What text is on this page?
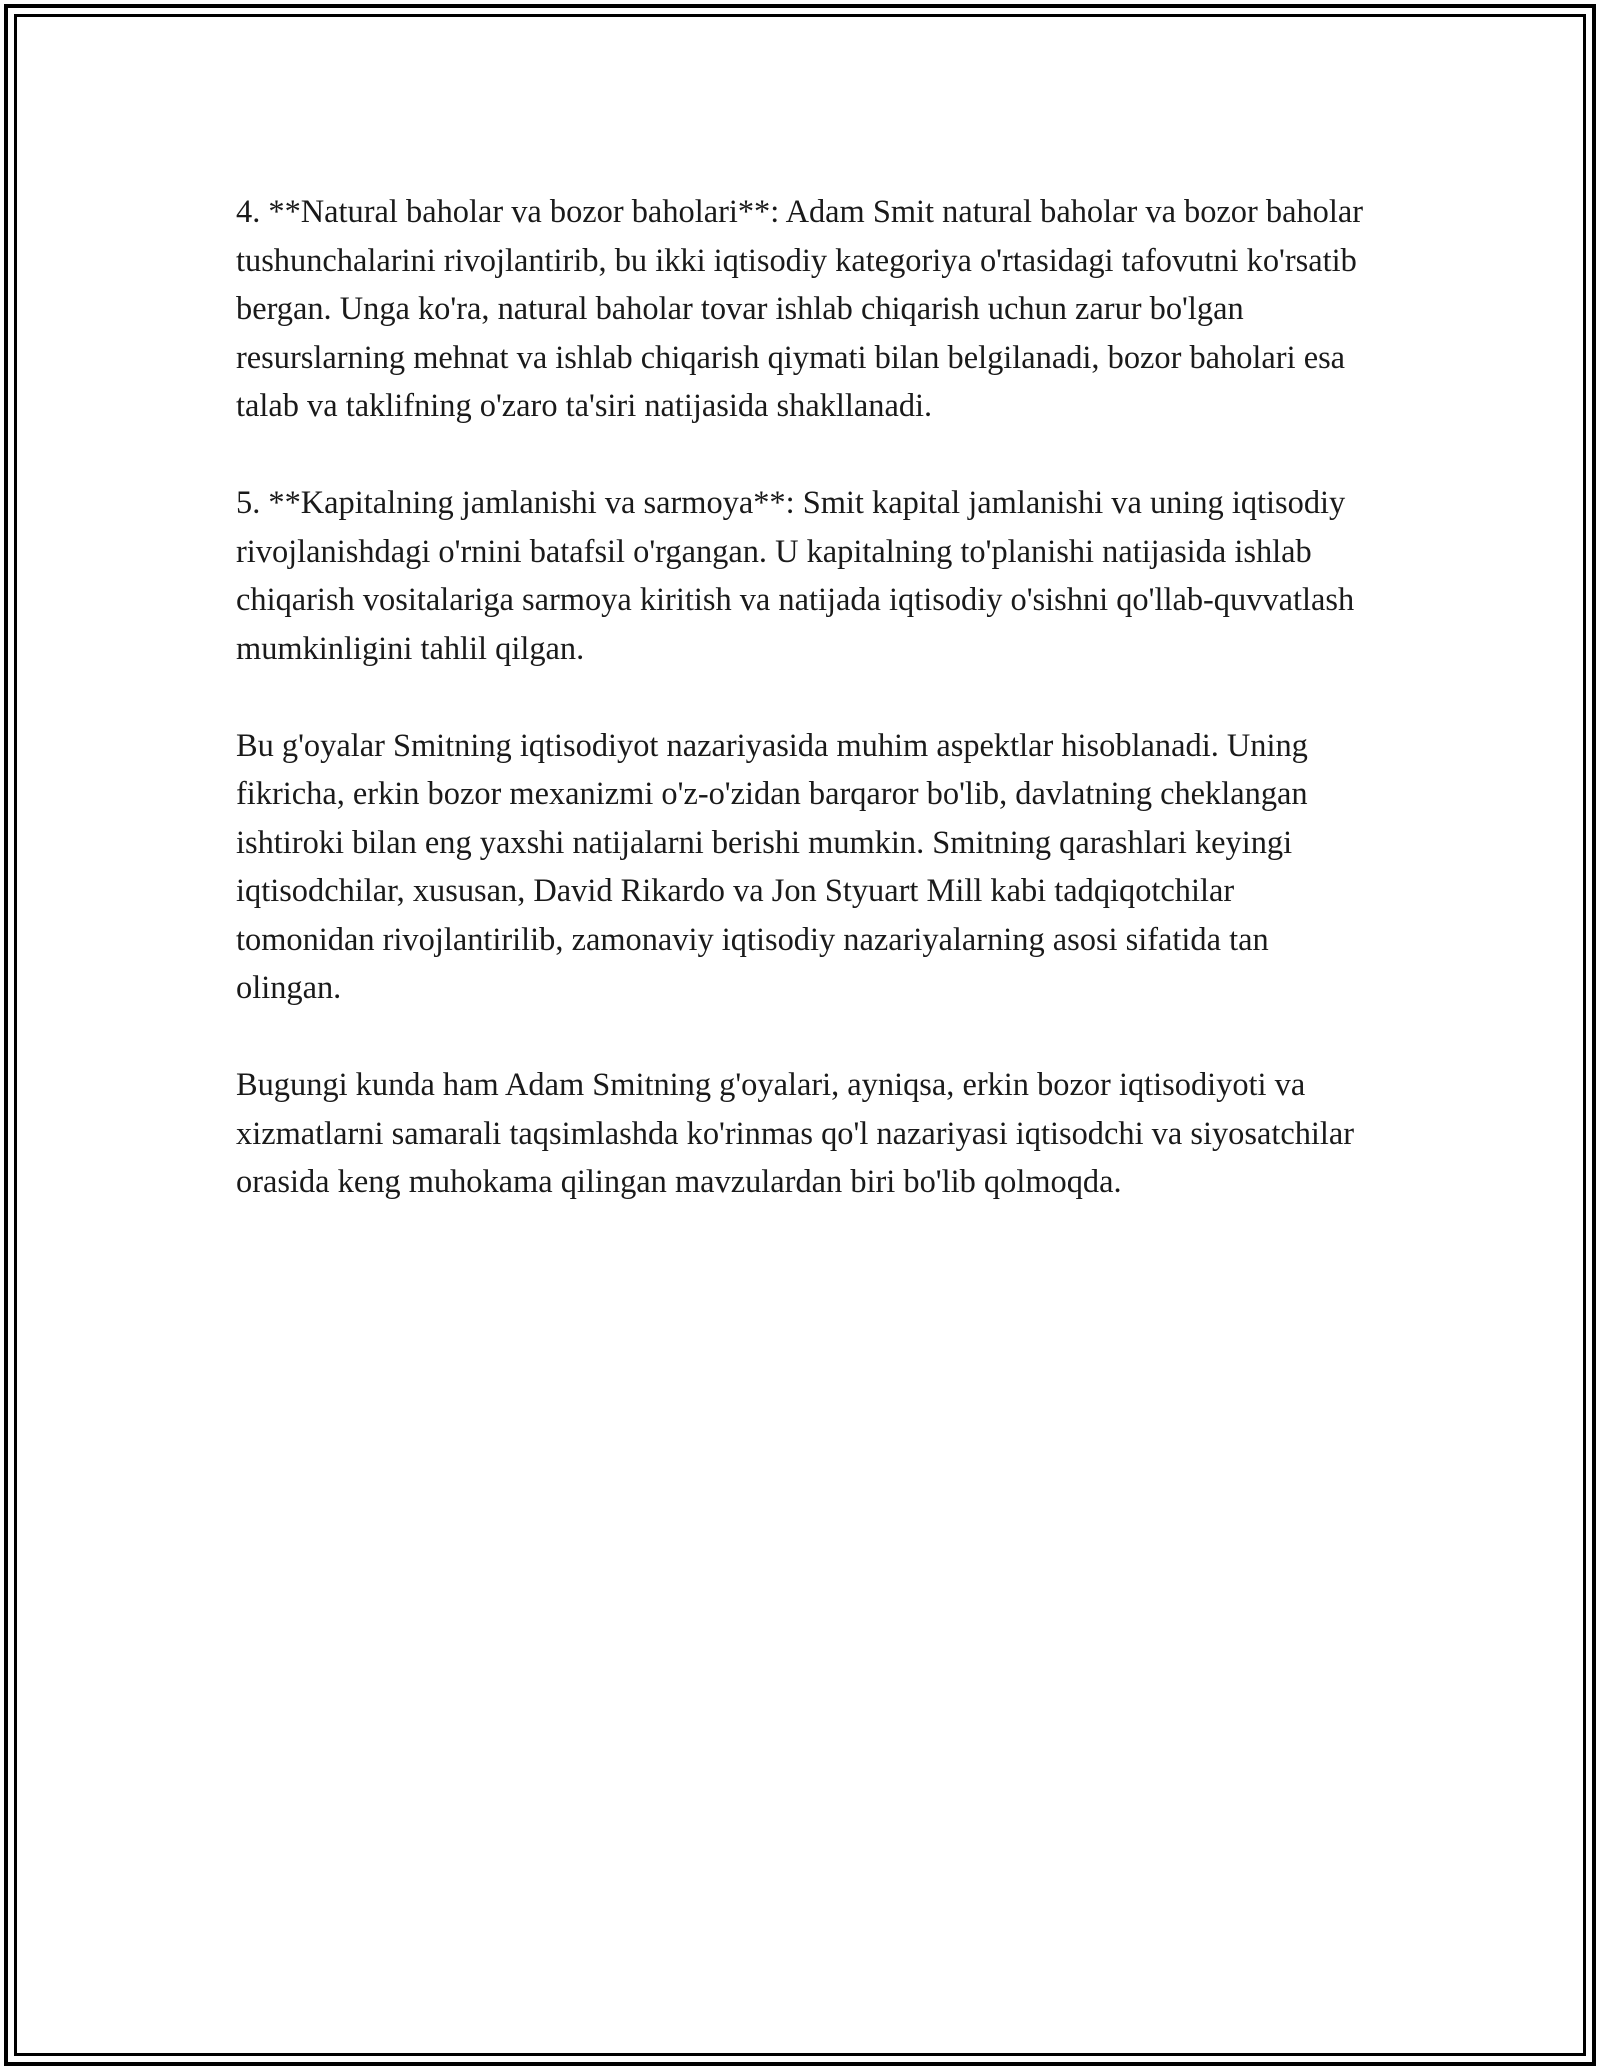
4. **Natural baholar va bozor baholari**: Adam Smit natural baholar va bozor baholar tushunchalarini rivojlantirib, bu ikki iqtisodiy kategoriya o'rtasidagi tafovutni ko'rsatib bergan. Unga ko'ra, natural baholar tovar ishlab chiqarish uchun zarur bo'lgan resurslarning mehnat va ishlab chiqarish qiymati bilan belgilanadi, bozor baholari esa talab va taklifning o'zaro ta'siri natijasida shakllanadi.

5. **Kapitalning jamlanishi va sarmoya**: Smit kapital jamlanishi va uning iqtisodiy rivojlanishdagi o'rnini batafsil o'rgangan. U kapitalning to'planishi natijasida ishlab chiqarish vositalariga sarmoya kiritish va natijada iqtisodiy o'sishni qo'llab-quvvatlash mumkinligini tahlil qilgan.

Bu g'oyalar Smitning iqtisodiyot nazariyasida muhim aspektlar hisoblanadi. Uning fikricha, erkin bozor mexanizmi o'z-o'zidan barqaror bo'lib, davlatning cheklangan ishtiroki bilan eng yaxshi natijalarni berishi mumkin. Smitning qarashlari keyingi iqtisodchilar, xususan, David Rikardo va Jon Styuart Mill kabi tadqiqotchilar tomonidan rivojlantirilib, zamonaviy iqtisodiy nazariyalarning asosi sifatida tan olingan.

Bugungi kunda ham Adam Smitning g'oyalari, ayniqsa, erkin bozor iqtisodiyoti va xizmatlarni samarali taqsimlashda ko'rinmas qo'l nazariyasi iqtisodchi va siyosatchilar orasida keng muhokama qilingan mavzulardan biri bo'lib qolmoqda.
